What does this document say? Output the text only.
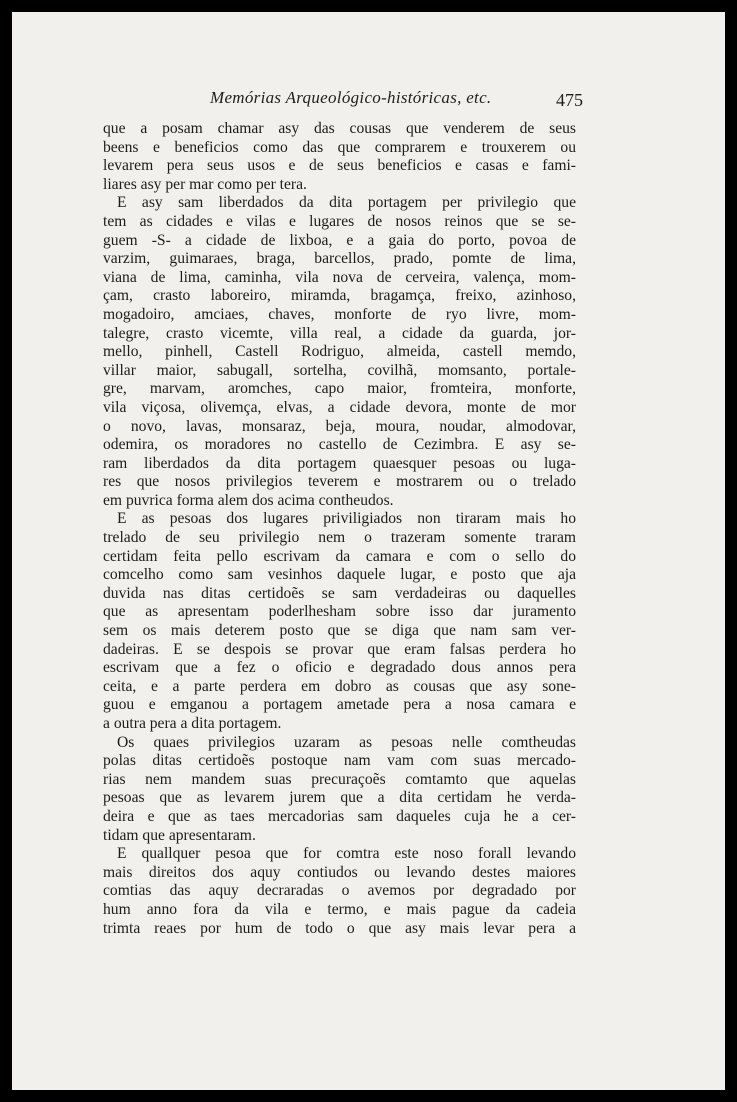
Memórias Arqueológico-históricas, etc.	475
que a posam chamar asy das cousas que venderem de seus
beens e beneficios como das que comprarem e trouxerem ou
levarem pera seus usos e de seus beneficios e casas e fami-
liares asy per mar como per tera.
E asy sam liberdados da dita portagem per privilegio que
tem as cidades e vilas e lugares de nosos reinos que se se-
guem -S- a cidade de lixboa, e a gaia do porto, povoa de
varzim, guimaraes, braga, barcellos, prado, pomte de lima,
viana de lima, caminha, vila nova de cerveira, valença, mom-
çam, crasto laboreiro, miramda, bragamça, freixo, azinhoso,
mogadoiro, amciaes, chaves, monforte de ryo livre, mom-
talegre, crasto vicemte, villa real, a cidade da guarda, jor-
mello, pinhell, Castell Rodriguo, almeida, castell memdo,
villar maior, sabugall, sortelha, covilhã, momsanto, portale-
gre, marvam, aromches, capo maior, fromteira, monforte,
vila viçosa, olivemça, elvas, a cidade devora, monte de mor
o novo, lavas, monsaraz, beja, moura, noudar, almodovar,
odemira, os moradores no castello de Cezimbra. E asy se-
ram liberdados da dita portagem quaesquer pesoas ou luga-
res que nosos privilegios teverem e mostrarem ou o trelado
em puvrica forma alem dos acima contheudos.
E as pesoas dos lugares priviligiados non tiraram mais ho
trelado de seu privilegio nem o trazeram somente traram
certidam feita pello escrivam da camara e com o sello do
comcelho como sam vesinhos daquele lugar, e posto que aja
duvida nas ditas certidoẽs se sam verdadeiras ou daquelles
que as apresentam poderlhesham sobre isso dar juramento
sem os mais deterem posto que se diga que nam sam ver-
dadeiras. E se despois se provar que eram falsas perdera ho
escrivam que a fez o oficio e degradado dous annos pera
ceita, e a parte perdera em dobro as cousas que asy sone-
guou e emganou a portagem ametade pera a nosa camara e
a outra pera a dita portagem.
Os quaes privilegios uzaram as pesoas nelle comtheudas
polas ditas certidoẽs postoque nam vam com suas mercado-
rias nem mandem suas precuraçoẽs comtamto que aquelas
pesoas que as levarem jurem que a dita certidam he verda-
deira e que as taes mercadorias sam daqueles cuja he a cer-
tidam que apresentaram.
E quallquer pesoa que for comtra este noso forall levando
mais direitos dos aquy contiudos ou levando destes maiores
comtias das aquy decraradas o avemos por degradado por
hum anno fora da vila e termo, e mais pague da cadeia
trimta reaes por hum de todo o que asy mais levar pera a
